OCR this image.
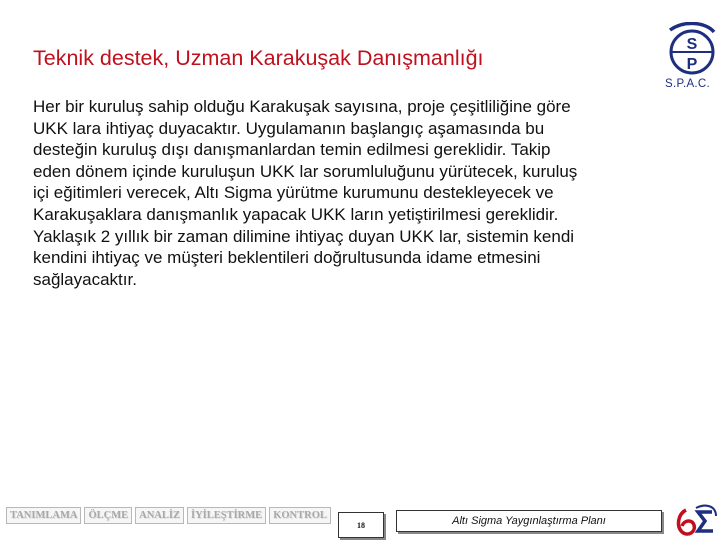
Teknik destek, Uzman Karakuşak Danışmanlığı
S
P
S.P.A.C.

Her bir kuruluş sahip olduğu Karakuşak sayısına, proje çeşitliliğine göre
UKK lara ihtiyaç duyacaktır. Uygulamanın başlangıç aşamasında bu
desteğin kuruluş dışı danışmanlardan temin edilmesi gereklidir. Takip
eden dönem içinde kuruluşun UKK lar sorumluluğunu yürütecek, kuruluş
içi eğitimleri verecek, Altı Sigma yürütme kurumunu destekleyecek ve
Karakuşaklara danışmanlık yapacak UKK ların yetiştirilmesi gereklidir.
Yaklaşık 2 yıllık bir zaman dilimine ihtiyaç duyan UKK lar, sistemin kendi
kendini ihtiyaç ve müşteri beklentileri doğrultusunda idame etmesini
sağlayacaktır.

TANIMLAMA	ÖLÇME	ANALİZ	İYİLEŞTİRME	KONTROL
18	Altı Sigma Yaygınlaştırma Planı
